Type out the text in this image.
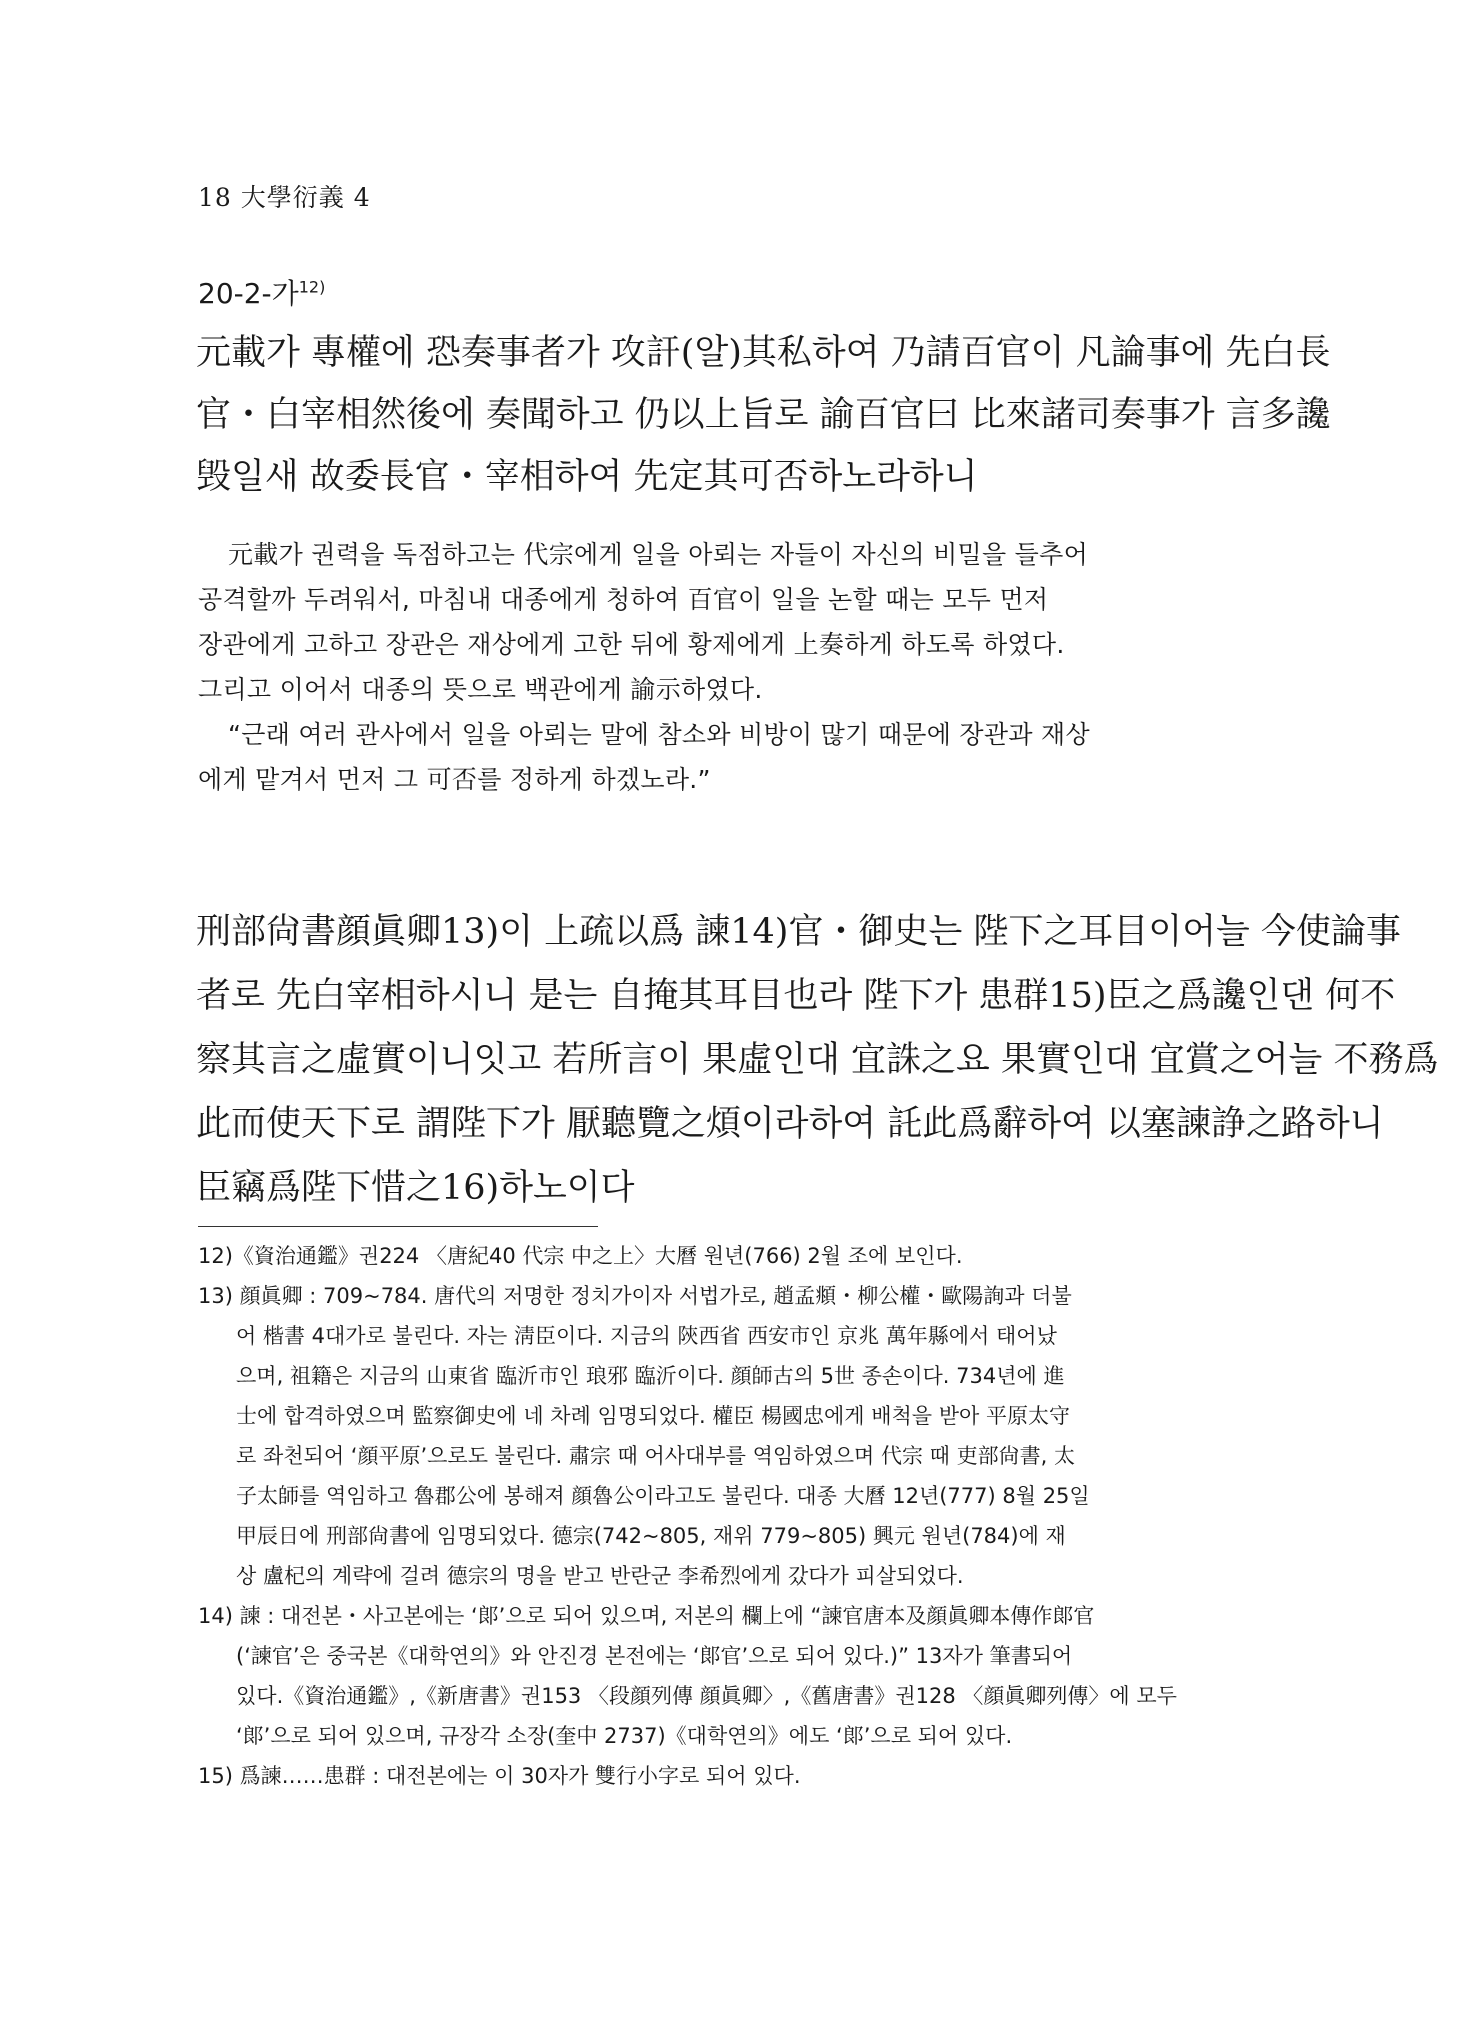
18 大學衍義 4
20-2-가$^{12)}$

元載가 專權에 恐奏事者가 攻訐(알)其私하여 乃請百官이 凡論事에 先白長

官・白宰相然後에 奏聞하고 仍以上旨로 諭百官曰 比來諸司奏事가 言多讒

毁일새 故委長官・宰相하여 先定其可否하노라하니

元載가 권력을 독점하고는 代宗에게 일을 아뢰는 자들이 자신의 비밀을 들추어

공격할까 두려워서, 마침내 대종에게 청하여 百官이 일을 논할 때는 모두 먼저

장관에게 고하고 장관은 재상에게 고한 뒤에 황제에게 上奏하게 하도록 하였다.

그리고 이어서 대종의 뜻으로 백관에게 諭示하였다.

“근래 여러 관사에서 일을 아뢰는 말에 참소와 비방이 많기 때문에 장관과 재상

에게 맡겨서 먼저 그 可否를 정하게 하겠노라.”

刑部尙書顔眞卿13)이 上疏以爲 諫14)官・御史는 陛下之耳目이어늘 今使論事

者로 先白宰相하시니 是는 自掩其耳目也라 陛下가 患群15)臣之爲讒인댄 何不

察其言之虛實이니잇고 若所言이 果虛인대 宜誅之요 果實인대 宜賞之어늘 不務爲

此而使天下로 謂陛下가 厭聽覽之煩이라하여 託此爲辭하여 以塞諫諍之路하니

臣竊爲陛下惜之16)하노이다

12)《資治通鑑》권224 〈唐紀40 代宗 中之上〉大曆 원년(766) 2월 조에 보인다.

13) 顔眞卿 : 709~784. 唐代의 저명한 정치가이자 서법가로, 趙孟頫・柳公權・歐陽詢과 더불

어 楷書 4대가로 불린다. 자는 淸臣이다. 지금의 陝西省 西安市인 京兆 萬年縣에서 태어났

으며, 祖籍은 지금의 山東省 臨沂市인 琅邪 臨沂이다. 顔師古의 5世 종손이다. 734년에 進

士에 합격하였으며 監察御史에 네 차례 임명되었다. 權臣 楊國忠에게 배척을 받아 平原太守

로 좌천되어 ‘顔平原’으로도 불린다. 肅宗 때 어사대부를 역임하였으며 代宗 때 吏部尙書, 太

子太師를 역임하고 魯郡公에 봉해져 顔魯公이라고도 불린다. 대종 大曆 12년(777) 8월 25일

甲辰日에 刑部尙書에 임명되었다. 德宗(742~805, 재위 779~805) 興元 원년(784)에 재

상 盧杞의 계략에 걸려 德宗의 명을 받고 반란군 李希烈에게 갔다가 피살되었다.

14) 諫 : 대전본・사고본에는 ‘郞’으로 되어 있으며, 저본의 欄上에 “諫官唐本及顔眞卿本傳作郞官

(‘諫官’은 중국본《대학연의》와 안진경 본전에는 ‘郞官’으로 되어 있다.)” 13자가 筆書되어

있다.《資治通鑑》,《新唐書》권153 〈段顔列傳 顔眞卿〉,《舊唐書》권128 〈顔眞卿列傳〉에 모두

‘郞’으로 되어 있으며, 규장각 소장(奎中 2737)《대학연의》에도 ‘郞’으로 되어 있다.

15) 爲諫……患群 : 대전본에는 이 30자가 雙行小字로 되어 있다.
